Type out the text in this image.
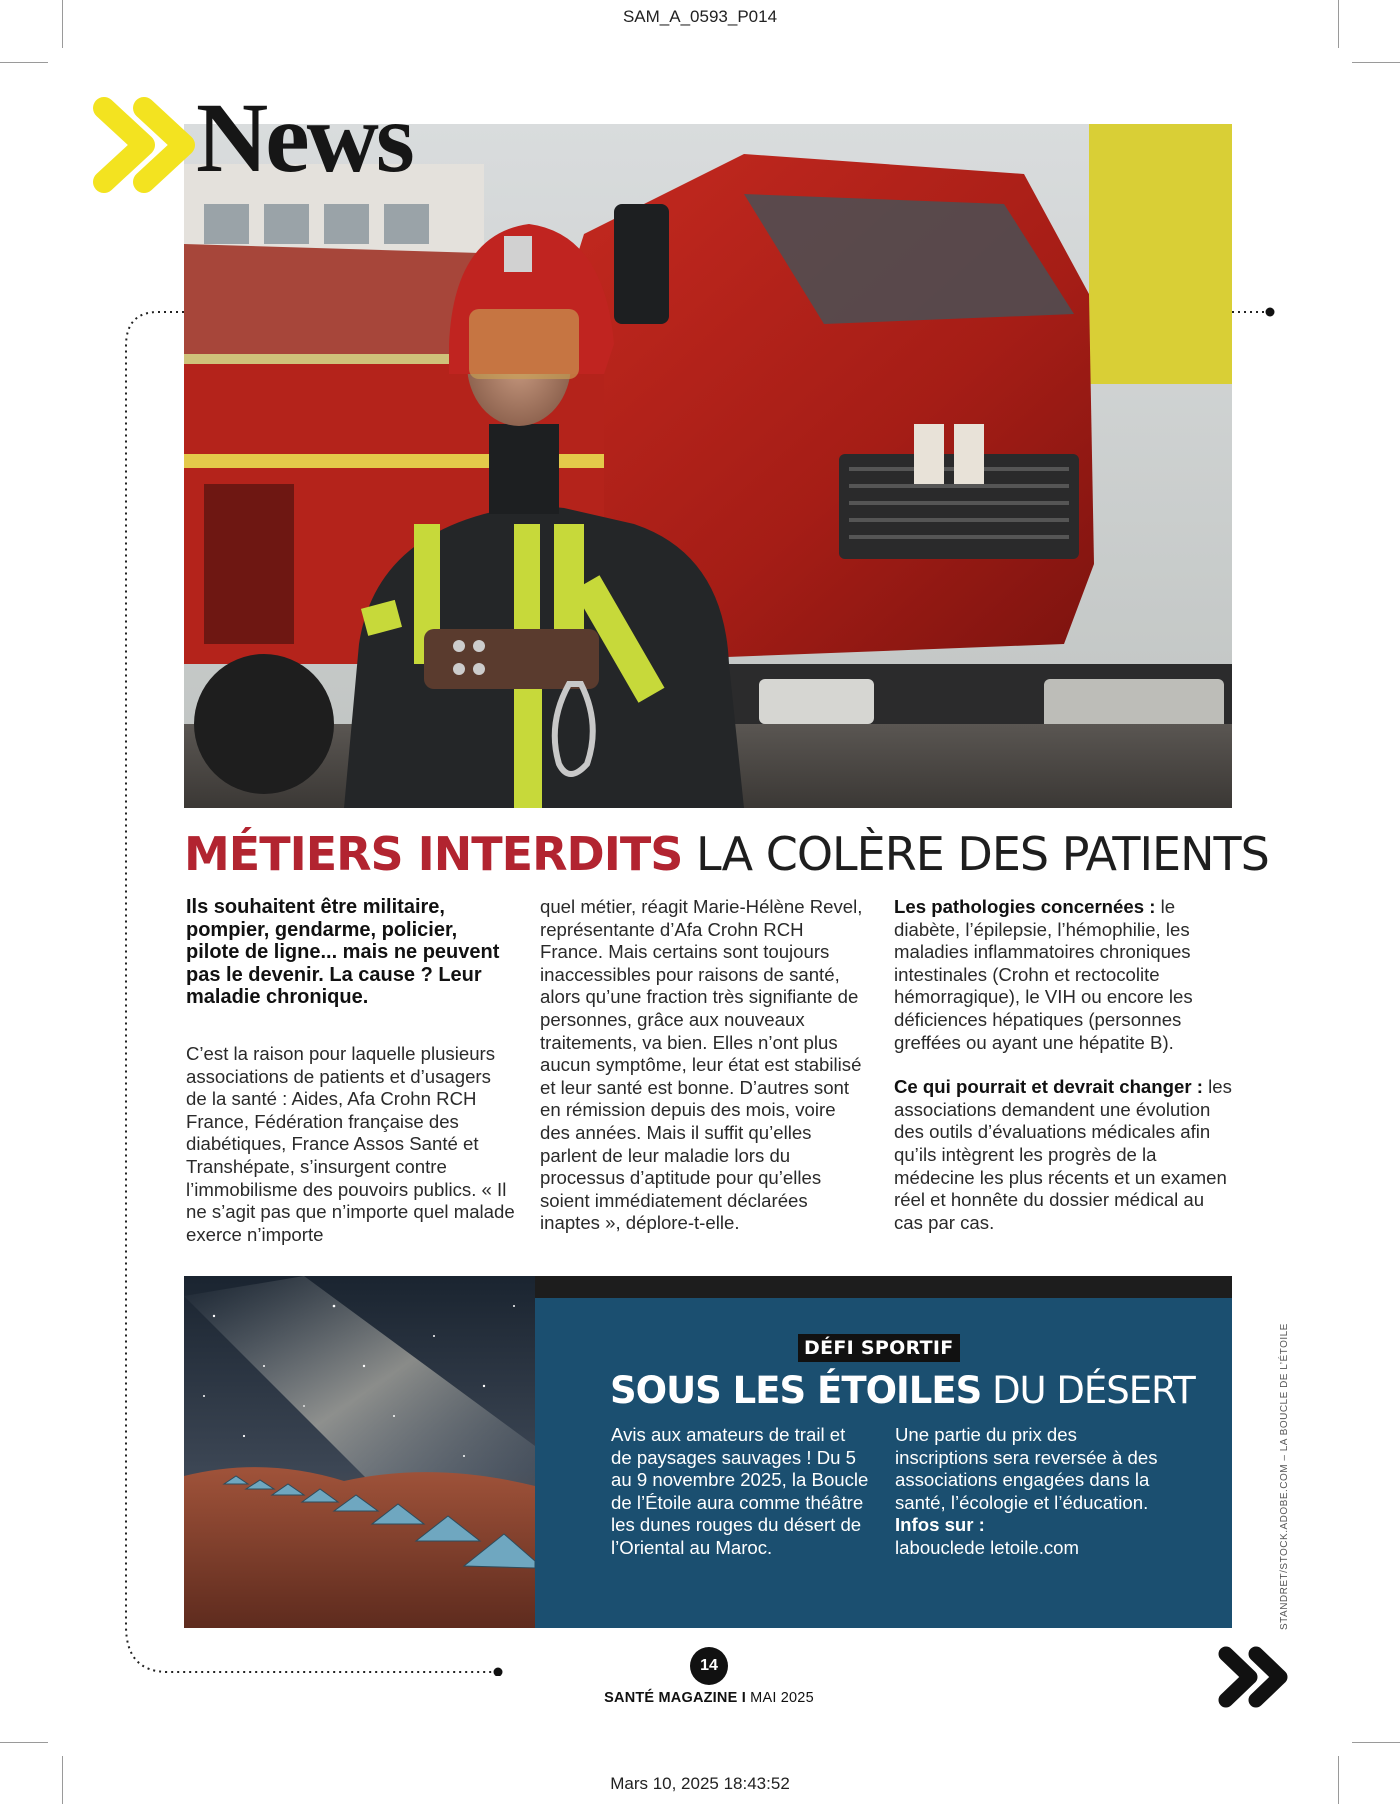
SAM_A_0593_P014
News
MÉTIERS INTERDITS LA COLÈRE DES PATIENTS

Ils souhaitent être militaire, pompier, gendarme, policier, pilote de ligne... mais ne peuvent pas le devenir. La cause ? Leur maladie chronique.

C’est la raison pour laquelle plusieurs associations de patients et d’usagers de la santé : Aides, Afa Crohn RCH France, Fédération française des diabétiques, France Assos Santé et Transhépate, s’insurgent contre l’immobilisme des pouvoirs publics. « Il ne s’agit pas que n’importe quel malade exerce n’importe

quel métier, réagit Marie-Hélène Revel, représentante d’Afa Crohn RCH France. Mais certains sont toujours inaccessibles pour raisons de santé, alors qu’une fraction très signifiante de personnes, grâce aux nouveaux traitements, va bien. Elles n’ont plus aucun symptôme, leur état est stabilisé et leur santé est bonne. D’autres sont en rémission depuis des mois, voire des années. Mais il suffit qu’elles parlent de leur maladie lors du processus d’aptitude pour qu’elles soient immédiatement déclarées inaptes », déplore-t-elle.

Les pathologies concernées : le diabète, l’épilepsie, l’hémophilie, les maladies inflammatoires chroniques intestinales (Crohn et rectocolite hémorragique), le VIH ou encore les déficiences hépatiques (personnes greffées ou ayant une hépatite B).

Ce qui pourrait et devrait changer : les associations demandent une évolution des outils d’évaluations médicales afin qu’ils intègrent les progrès de la médecine les plus récents et un examen réel et honnête du dossier médical au cas par cas.

DÉFI SPORTIF
SOUS LES ÉTOILES DU DÉSERT
Avis aux amateurs de trail et de paysages sauvages ! Du 5 au 9 novembre 2025, la Boucle de l’Étoile aura comme théâtre les dunes rouges du désert de l’Oriental au Maroc.
Une partie du prix des inscriptions sera reversée à des associations engagées dans la santé, l’écologie et l’éducation.
Infos sur :
labouclede letoile.com	STANDRET/STOCK.ADOBE.COM – LA BOUCLE DE L’ÉTOILE
14
SANTÉ MAGAZINE I MAI 2025
Mars 10, 2025 18:43:52
